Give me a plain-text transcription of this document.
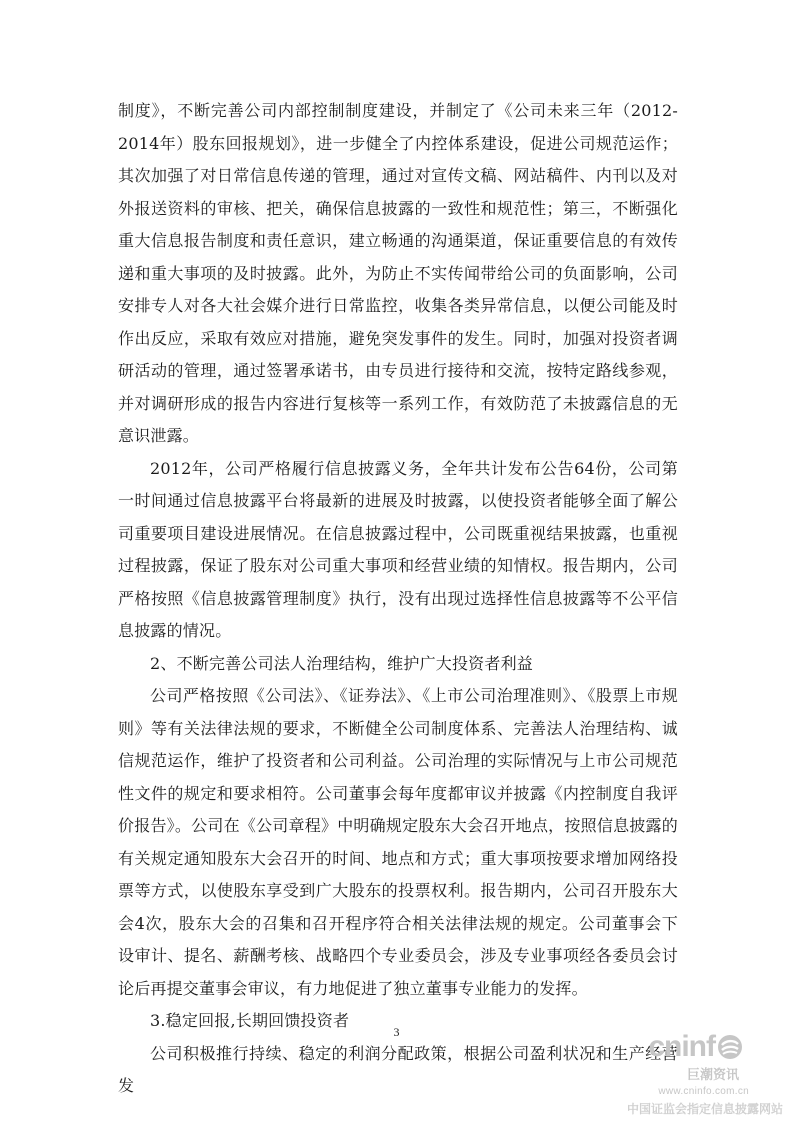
制度》，不断完善公司内部控制制度建设，并制定了《公司未来三年（2012-2014年）股东回报规划》，进一步健全了内控体系建设，促进公司规范运作；其次加强了对日常信息传递的管理，通过对宣传文稿、网站稿件、内刊以及对外报送资料的审核、把关，确保信息披露的一致性和规范性；第三，不断强化重大信息报告制度和责任意识，建立畅通的沟通渠道，保证重要信息的有效传递和重大事项的及时披露。此外，为防止不实传闻带给公司的负面影响，公司安排专人对各大社会媒介进行日常监控，收集各类异常信息，以便公司能及时作出反应，采取有效应对措施，避免突发事件的发生。同时，加强对投资者调研活动的管理，通过签署承诺书，由专员进行接待和交流，按特定路线参观，并对调研形成的报告内容进行复核等一系列工作，有效防范了未披露信息的无意识泄露。

2012年，公司严格履行信息披露义务，全年共计发布公告64份，公司第一时间通过信息披露平台将最新的进展及时披露，以使投资者能够全面了解公司重要项目建设进展情况。在信息披露过程中，公司既重视结果披露，也重视过程披露，保证了股东对公司重大事项和经营业绩的知情权。报告期内，公司严格按照《信息披露管理制度》执行，没有出现过选择性信息披露等不公平信息披露的情况。

2、不断完善公司法人治理结构，维护广大投资者利益

公司严格按照《公司法》、《证券法》、《上市公司治理准则》、《股票上市规则》等有关法律法规的要求，不断健全公司制度体系、完善法人治理结构、诚信规范运作，维护了投资者和公司利益。公司治理的实际情况与上市公司规范性文件的规定和要求相符。公司董事会每年度都审议并披露《内控制度自我评价报告》。公司在《公司章程》中明确规定股东大会召开地点，按照信息披露的有关规定通知股东大会召开的时间、地点和方式；重大事项按要求增加网络投票等方式，以使股东享受到广大股东的投票权利。报告期内，公司召开股东大会4次，股东大会的召集和召开程序符合相关法律法规的规定。公司董事会下设审计、提名、薪酬考核、战略四个专业委员会，涉及专业事项经各委员会讨论后再提交董事会审议，有力地促进了独立董事专业能力的发挥。

3.稳定回报,长期回馈投资者

公司积极推行持续、稳定的利润分配政策，根据公司盈利状况和生产经营发

3	cninf
巨潮资讯
www.cninfo.com.cn
中国证监会指定信息披露网站
